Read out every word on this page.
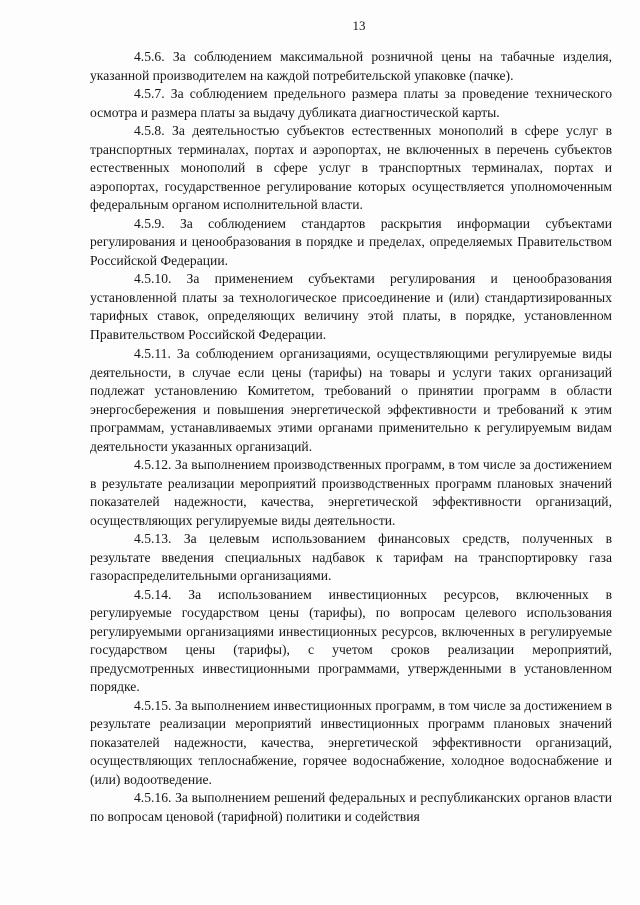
13

4.5.6. За соблюдением максимальной розничной цены на табачные изделия, указанной производителем на каждой потребительской упаковке (пачке).

4.5.7. За соблюдением предельного размера платы за проведение технического осмотра и размера платы за выдачу дубликата диагностической карты.

4.5.8. За деятельностью субъектов естественных монополий в сфере услуг в транспортных терминалах, портах и аэропортах, не включенных в перечень субъектов естественных монополий в сфере услуг в транспортных терминалах, портах и аэропортах, государственное регулирование которых осуществляется уполномоченным федеральным органом исполнительной власти.

4.5.9. За соблюдением стандартов раскрытия информации субъектами регулирования и ценообразования в порядке и пределах, определяемых Правительством Российской Федерации.

4.5.10. За применением субъектами регулирования и ценообразования установленной платы за технологическое присоединение и (или) стандартизированных тарифных ставок, определяющих величину этой платы, в порядке, установленном Правительством Российской Федерации.

4.5.11. За соблюдением организациями, осуществляющими регулируемые виды деятельности, в случае если цены (тарифы) на товары и услуги таких организаций подлежат установлению Комитетом, требований о принятии программ в области энергосбережения и повышения энергетической эффективности и требований к этим программам, устанавливаемых этими органами применительно к регулируемым видам деятельности указанных организаций.

4.5.12. За выполнением производственных программ, в том числе за достижением в результате реализации мероприятий производственных программ плановых значений показателей надежности, качества, энергетической эффективности организаций, осуществляющих регулируемые виды деятельности.

4.5.13. За целевым использованием финансовых средств, полученных в результате введения специальных надбавок к тарифам на транспортировку газа газораспределительными организациями.

4.5.14. За использованием инвестиционных ресурсов, включенных в регулируемые государством цены (тарифы), по вопросам целевого использования регулируемыми организациями инвестиционных ресурсов, включенных в регулируемые государством цены (тарифы), с учетом сроков реализации мероприятий, предусмотренных инвестиционными программами, утвержденными в установленном порядке.

4.5.15. За выполнением инвестиционных программ, в том числе за достижением в результате реализации мероприятий инвестиционных программ плановых значений показателей надежности, качества, энергетической эффективности организаций, осуществляющих теплоснабжение, горячее водоснабжение, холодное водоснабжение и (или) водоотведение.

4.5.16. За выполнением решений федеральных и республиканских органов власти по вопросам ценовой (тарифной) политики и содействия
